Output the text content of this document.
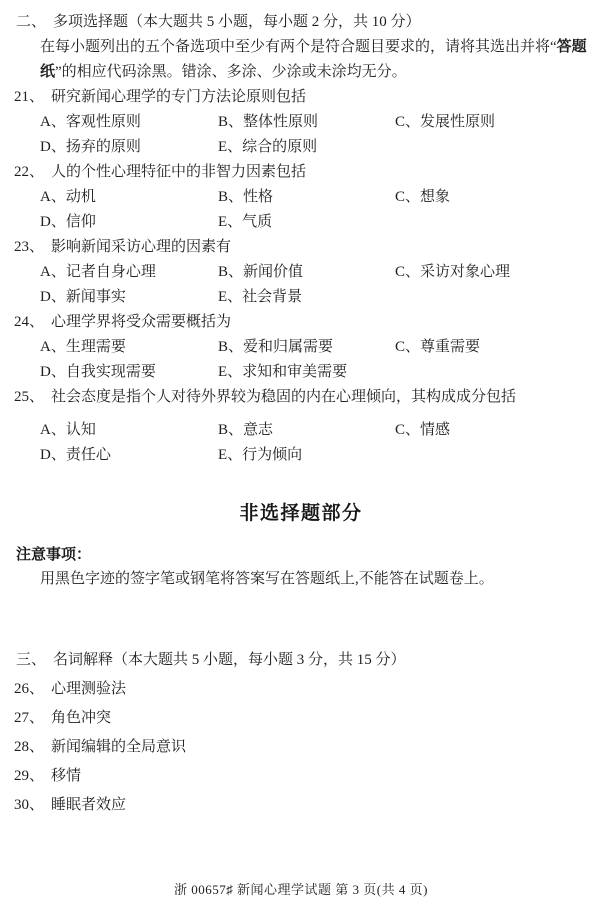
二、 多项选择题（本大题共 5 小题，每小题 2 分，共 10 分）
在每小题列出的五个备选项中至少有两个是符合题目要求的，请将其选出并将“答题
纸”的相应代码涂黑。错涂、多涂、少涂或未涂均无分。
21、 研究新闻心理学的专门方法论原则包括
A、客观性原则	B、整体性原则	C、发展性原则
D、扬弃的原则	E、综合的原则
22、 人的个性心理特征中的非智力因素包括
A、动机	B、性格	C、想象
D、信仰	E、气质
23、 影响新闻采访心理的因素有
A、记者自身心理	B、新闻价值	C、采访对象心理
D、新闻事实	E、社会背景
24、 心理学界将受众需要概括为
A、生理需要	B、爱和归属需要	C、尊重需要
D、自我实现需要	E、求知和审美需要
25、 社会态度是指个人对待外界较为稳固的内在心理倾向，其构成成分包括
A、认知	B、意志	C、情感
D、责任心	E、行为倾向
非选择题部分
注意事项：
用黑色字迹的签字笔或钢笔将答案写在答题纸上,不能答在试题卷上。
三、 名词解释（本大题共 5 小题，每小题 3 分，共 15 分）
26、 心理测验法
27、 角色冲突
28、 新闻编辑的全局意识
29、 移情
30、 睡眠者效应
浙 00657♯ 新闻心理学试题 第 3 页(共 4 页)
